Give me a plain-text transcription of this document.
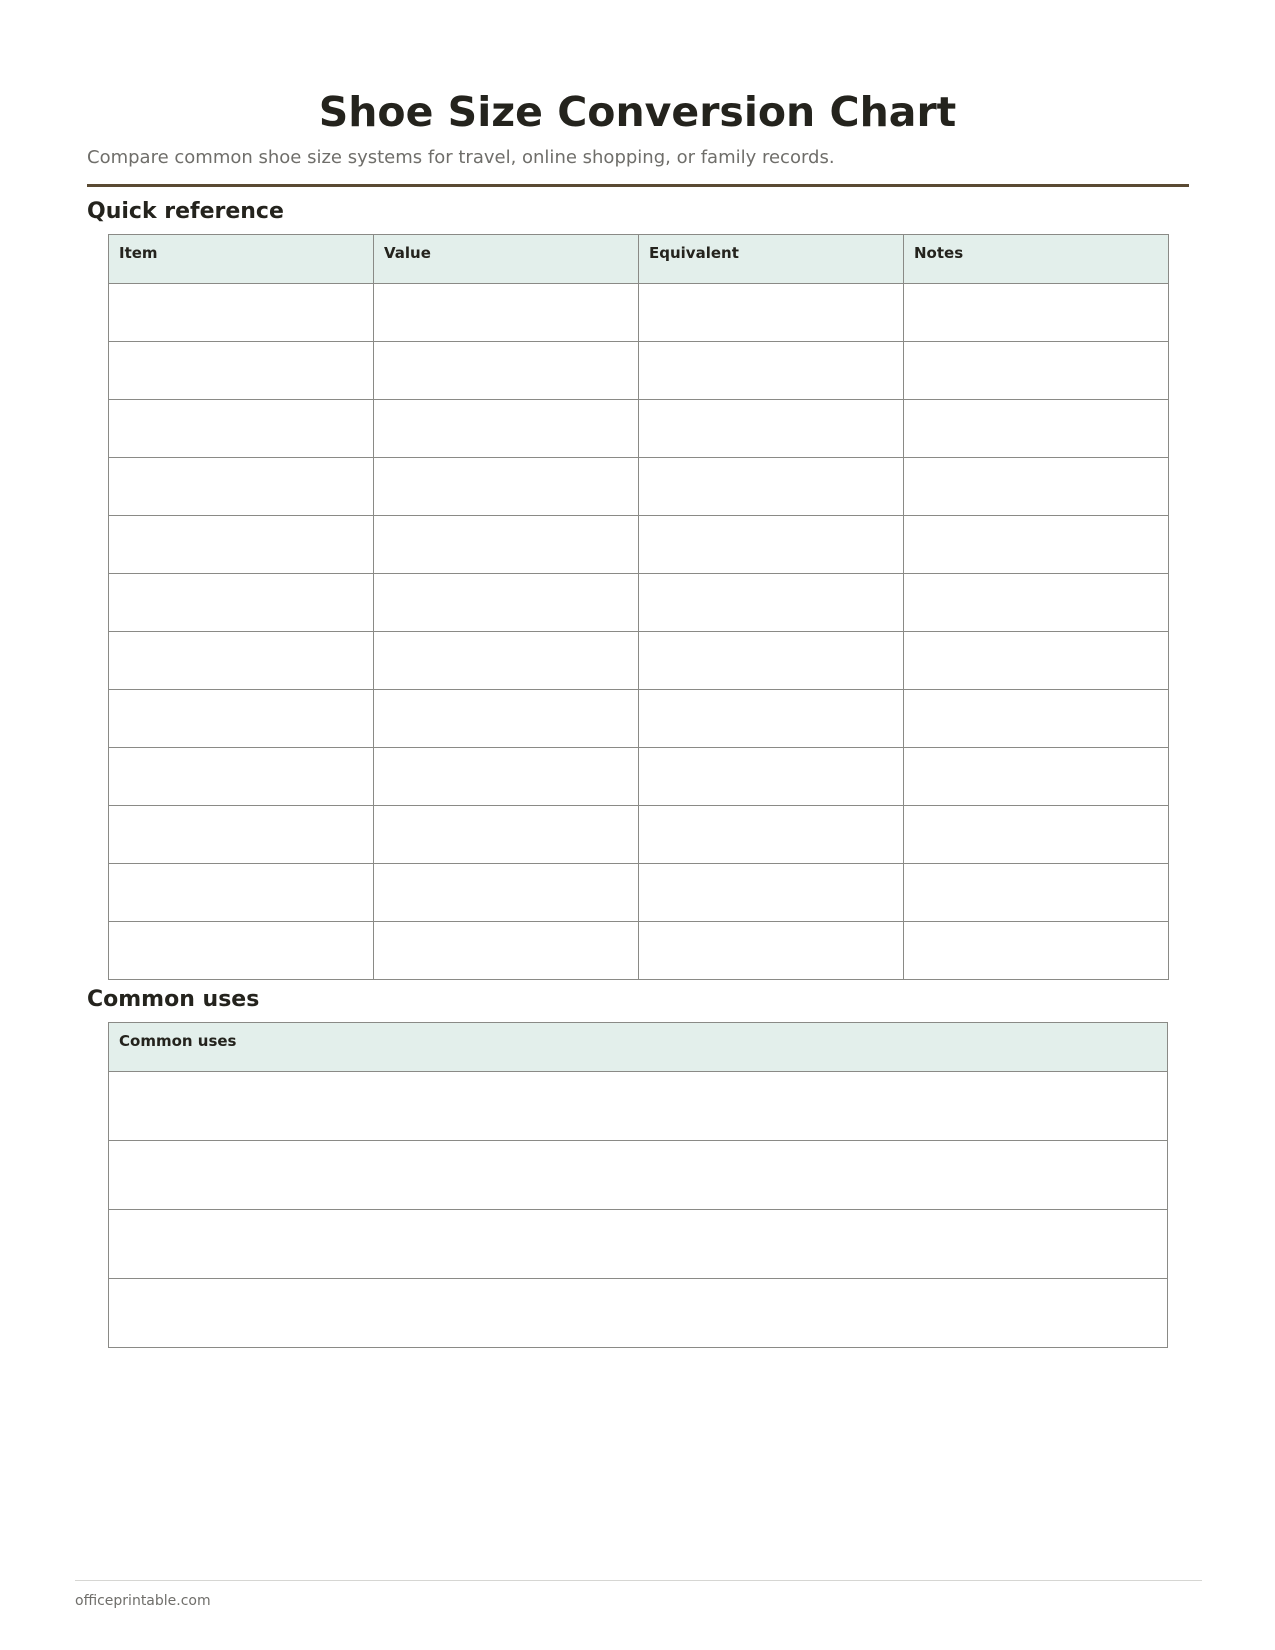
Shoe Size Conversion Chart

Compare common shoe size systems for travel, online shopping, or family records.

Quick reference
Item	Value	Equivalent	Notes

Common uses
Common uses

officeprintable.com
